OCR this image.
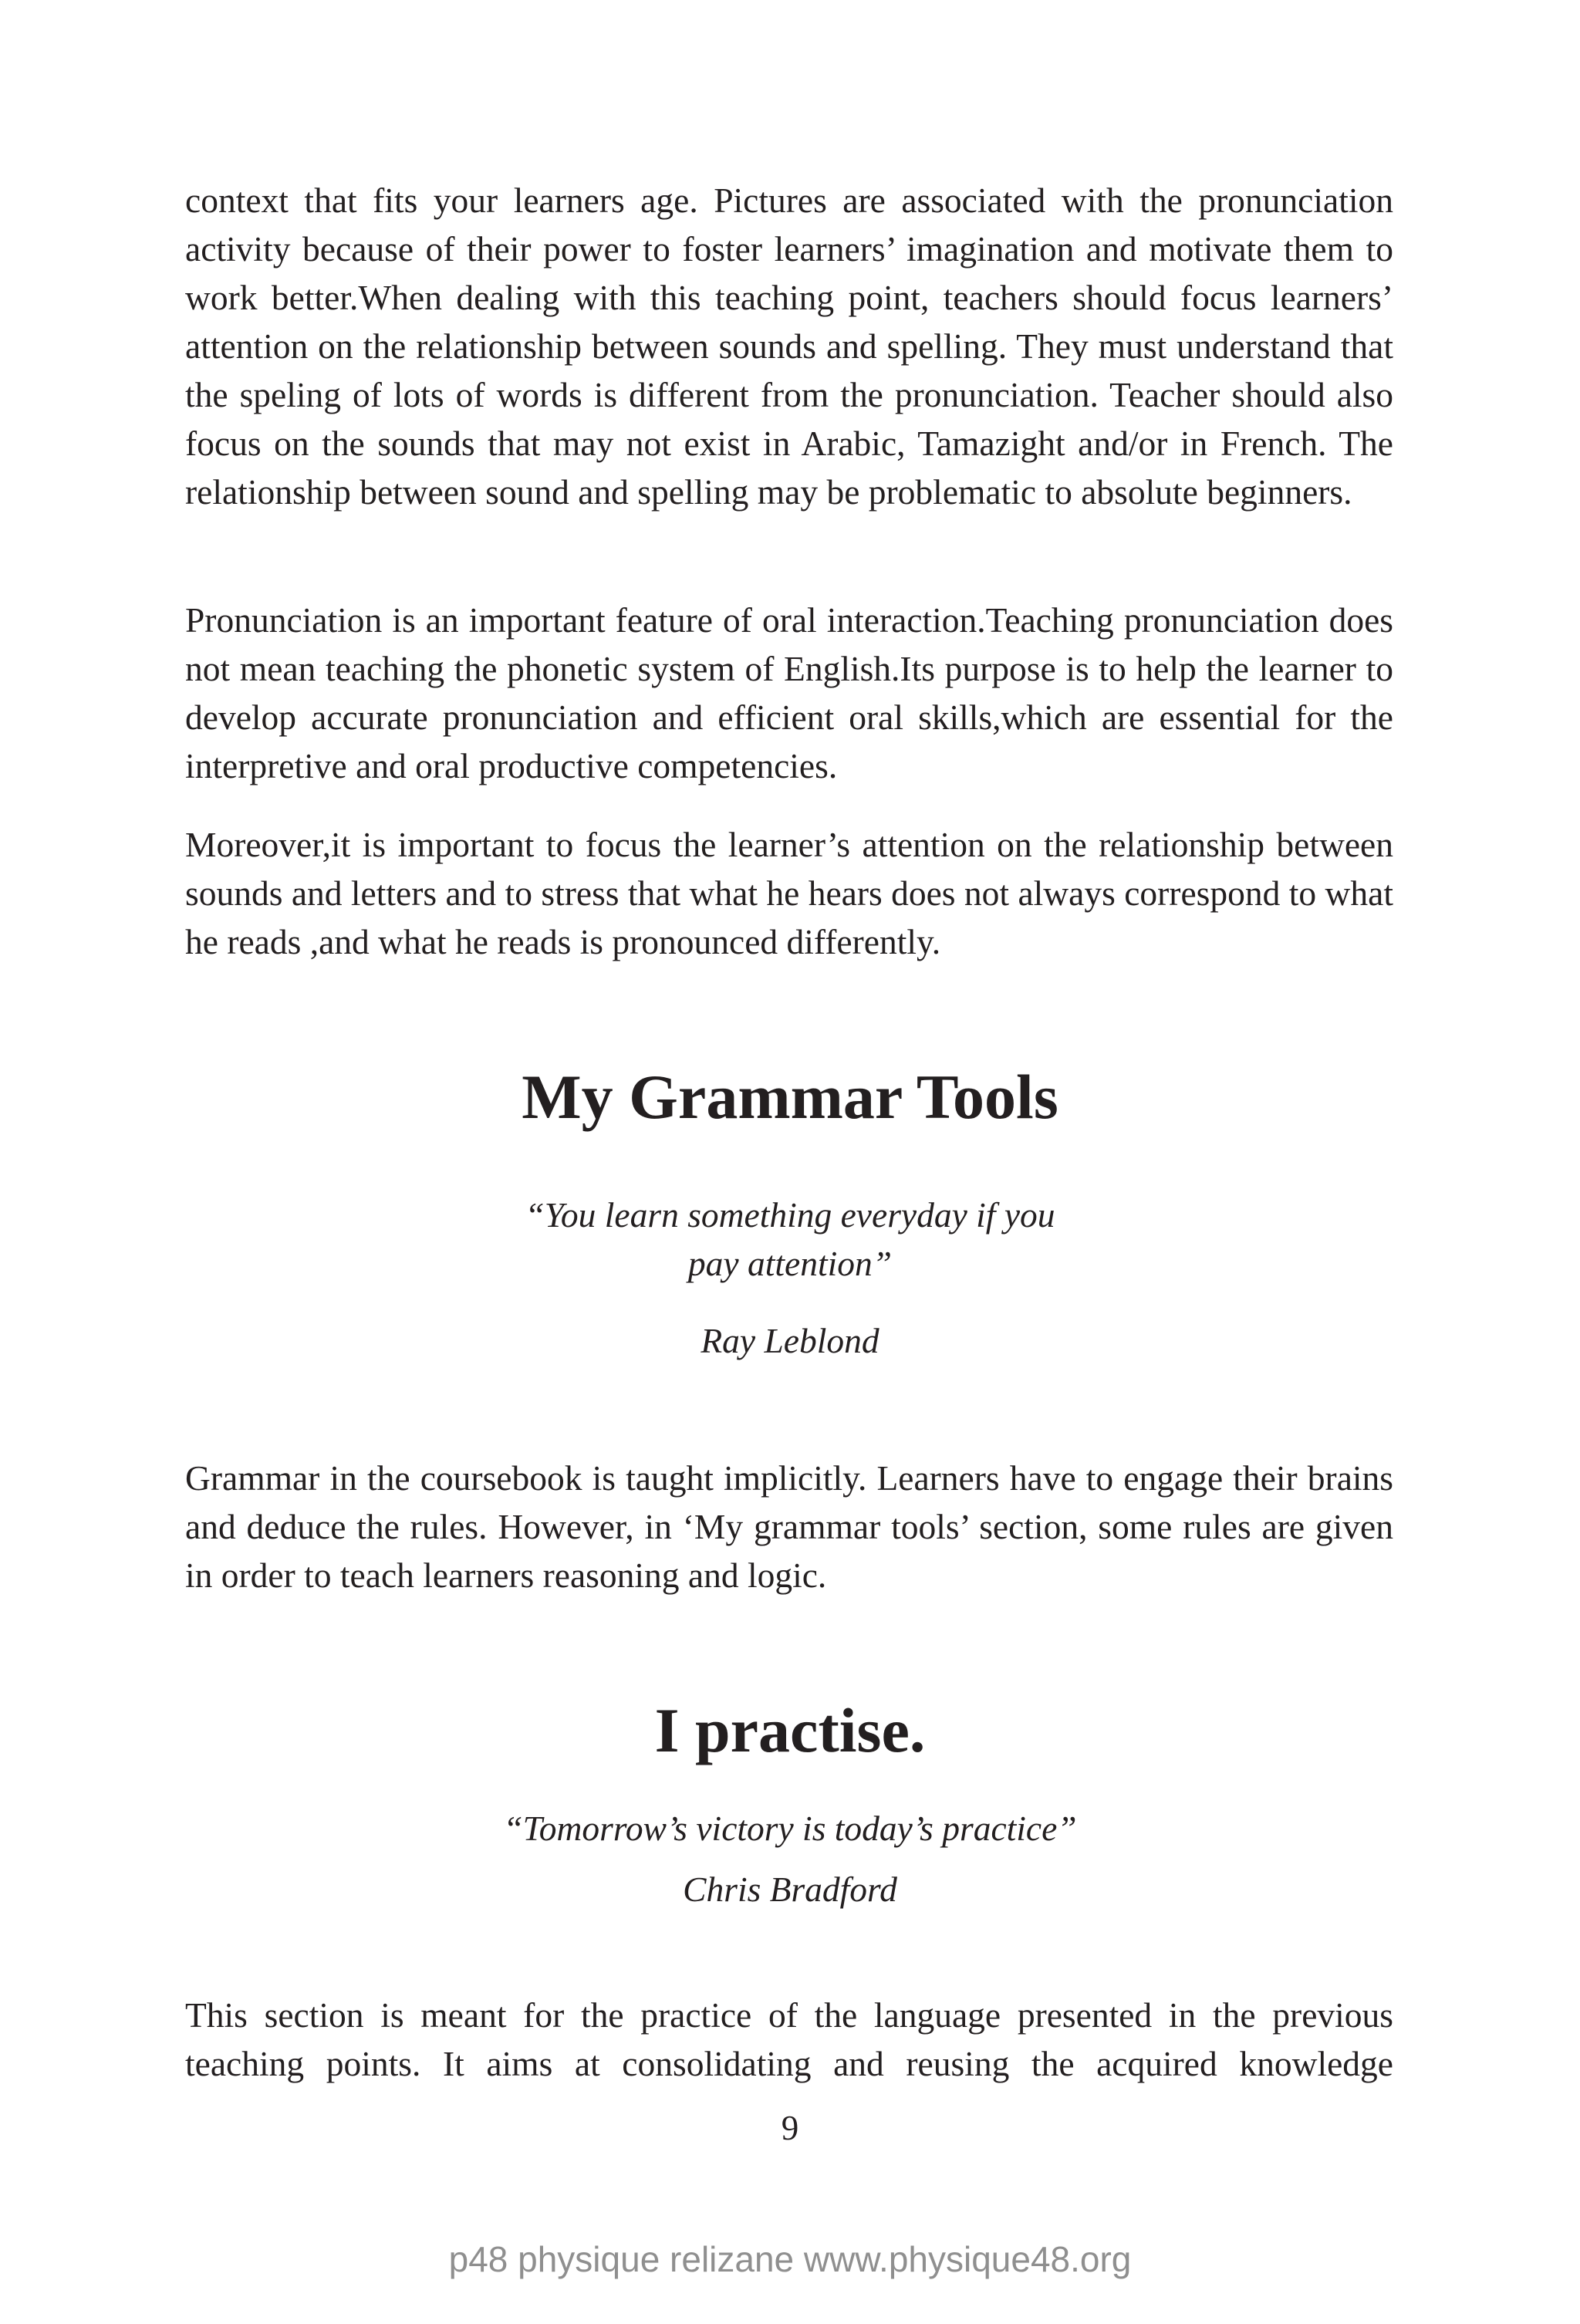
context that fits your learners age. Pictures are associated with the pronunciation activity because of their power to foster learners’ imagination and motivate them to work better.When dealing with this teaching point, teachers should focus learners’ attention on the relationship between sounds and spelling. They must understand that the speling of lots of words is different from the pronunciation. Teacher should also focus on the sounds that may not exist in Arabic, Tamazight and/or in French. The relationship between sound and spelling may be problematic to absolute beginners.

Pronunciation is an important feature of oral interaction.Teaching pronunciation does not mean teaching the phonetic system of English.Its purpose is to help the learner to develop accurate pronunciation and efficient oral skills,which are essential for the interpretive and oral productive competencies.

Moreover,it is important to focus the learner’s attention on the relationship between sounds and letters and to stress that what he hears does not always correspond to what he reads ,and what he reads is pronounced differently.

My Grammar Tools
“You learn something everyday if you
pay attention”

Ray Leblond

Grammar in the coursebook is taught implicitly. Learners have to engage their brains and deduce the rules. However, in ‘My grammar tools’ section, some rules are given in order to teach learners reasoning and logic.

I practise.

“Tomorrow’s victory is today’s practice”

Chris Bradford

This section is meant for the practice of the language presented in the previous teaching points. It aims at consolidating and reusing the acquired knowledge

9
p48 physique relizane www.physique48.org
